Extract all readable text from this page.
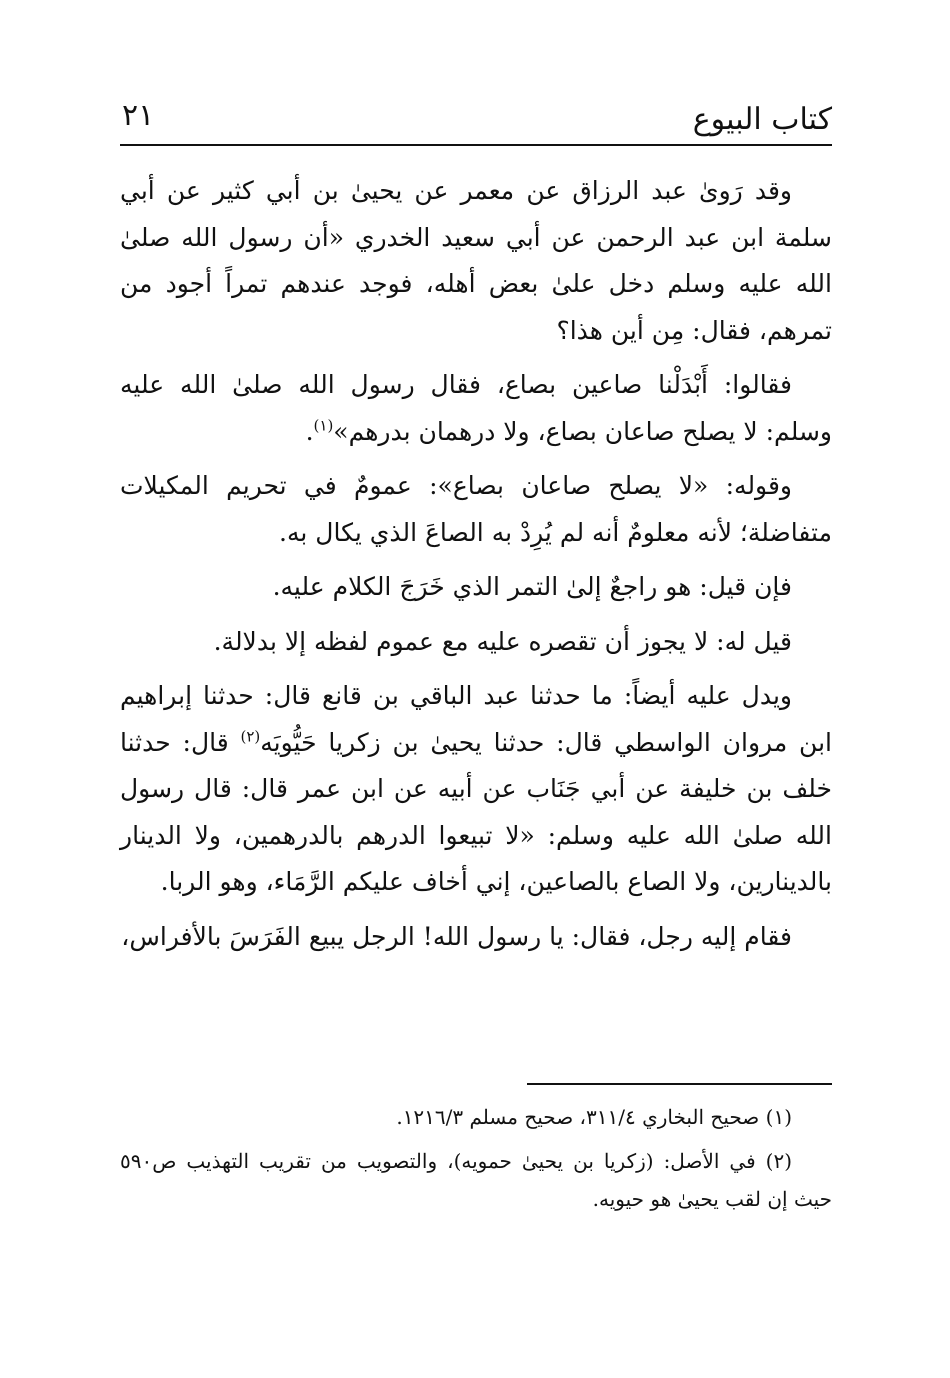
كتاب البيوع
٢١

وقد رَوىٰ عبد الرزاق عن معمر عن يحيىٰ بن أبي كثير عن أبي سلمة ابن عبد الرحمن عن أبي سعيد الخدري «أن رسول الله صلىٰ الله عليه وسلم دخل علىٰ بعض أهله، فوجد عندهم تمراً أجود من تمرهم، فقال: مِن أين هذا؟

فقالوا: أَبْدَلْنا صاعين بصاع، فقال رسول الله صلىٰ الله عليه وسلم: لا يصلح صاعان بصاع، ولا درهمان بدرهم»$^{(١)}$.

وقوله: «لا يصلح صاعان بصاع»: عمومٌ في تحريم المكيلات متفاضلة؛ لأنه معلومٌ أنه لم يُرِدْ به الصاعَ الذي يكال به.

فإن قيل: هو راجعٌ إلىٰ التمر الذي خَرَجَ الكلام عليه.

قيل له: لا يجوز أن تقصره عليه مع عموم لفظه إلا بدلالة.

ويدل عليه أيضاً: ما حدثنا عبد الباقي بن قانع قال: حدثنا إبراهيم ابن مروان الواسطي قال: حدثنا يحيىٰ بن زكريا حَيُّويَه$^{(٢)}$ قال: حدثنا خلف بن خليفة عن أبي جَنَاب عن أبيه عن ابن عمر قال: قال رسول الله صلىٰ الله عليه وسلم: «لا تبيعوا الدرهم بالدرهمين، ولا الدينار بالدينارين، ولا الصاع بالصاعين، إني أخاف عليكم الرَّمَاء، وهو الربا.

فقام إليه رجل، فقال: يا رسول الله! الرجل يبيع الفَرَسَ بالأفراس،

(١) صحيح البخاري ٣١١/٤، صحيح مسلم ١٢١٦/٣.

(٢) في الأصل: (زكريا بن يحيىٰ حمويه)، والتصويب من تقريب التهذيب ص٥٩٠ حيث إن لقب يحيىٰ هو حيويه.
